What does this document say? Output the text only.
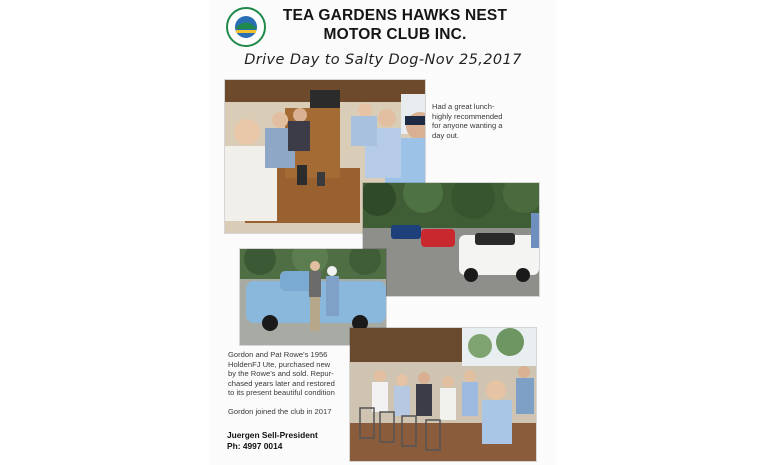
TEA GARDENS HAWKS NEST
MOTOR CLUB INC.
Drive Day to Salty Dog-Nov 25,2017

Had a great lunch-

highly recommended

for anyone wanting a

day out.

Gordon and Pat Rowe's 1956

HoldenFJ Ute, purchased new

by the Rowe's and sold. Repur-

chased years later and restored

to its present beautiful condition

Gordon joined the club in 2017

Juergen Sell-President
Ph: 4997 0014
